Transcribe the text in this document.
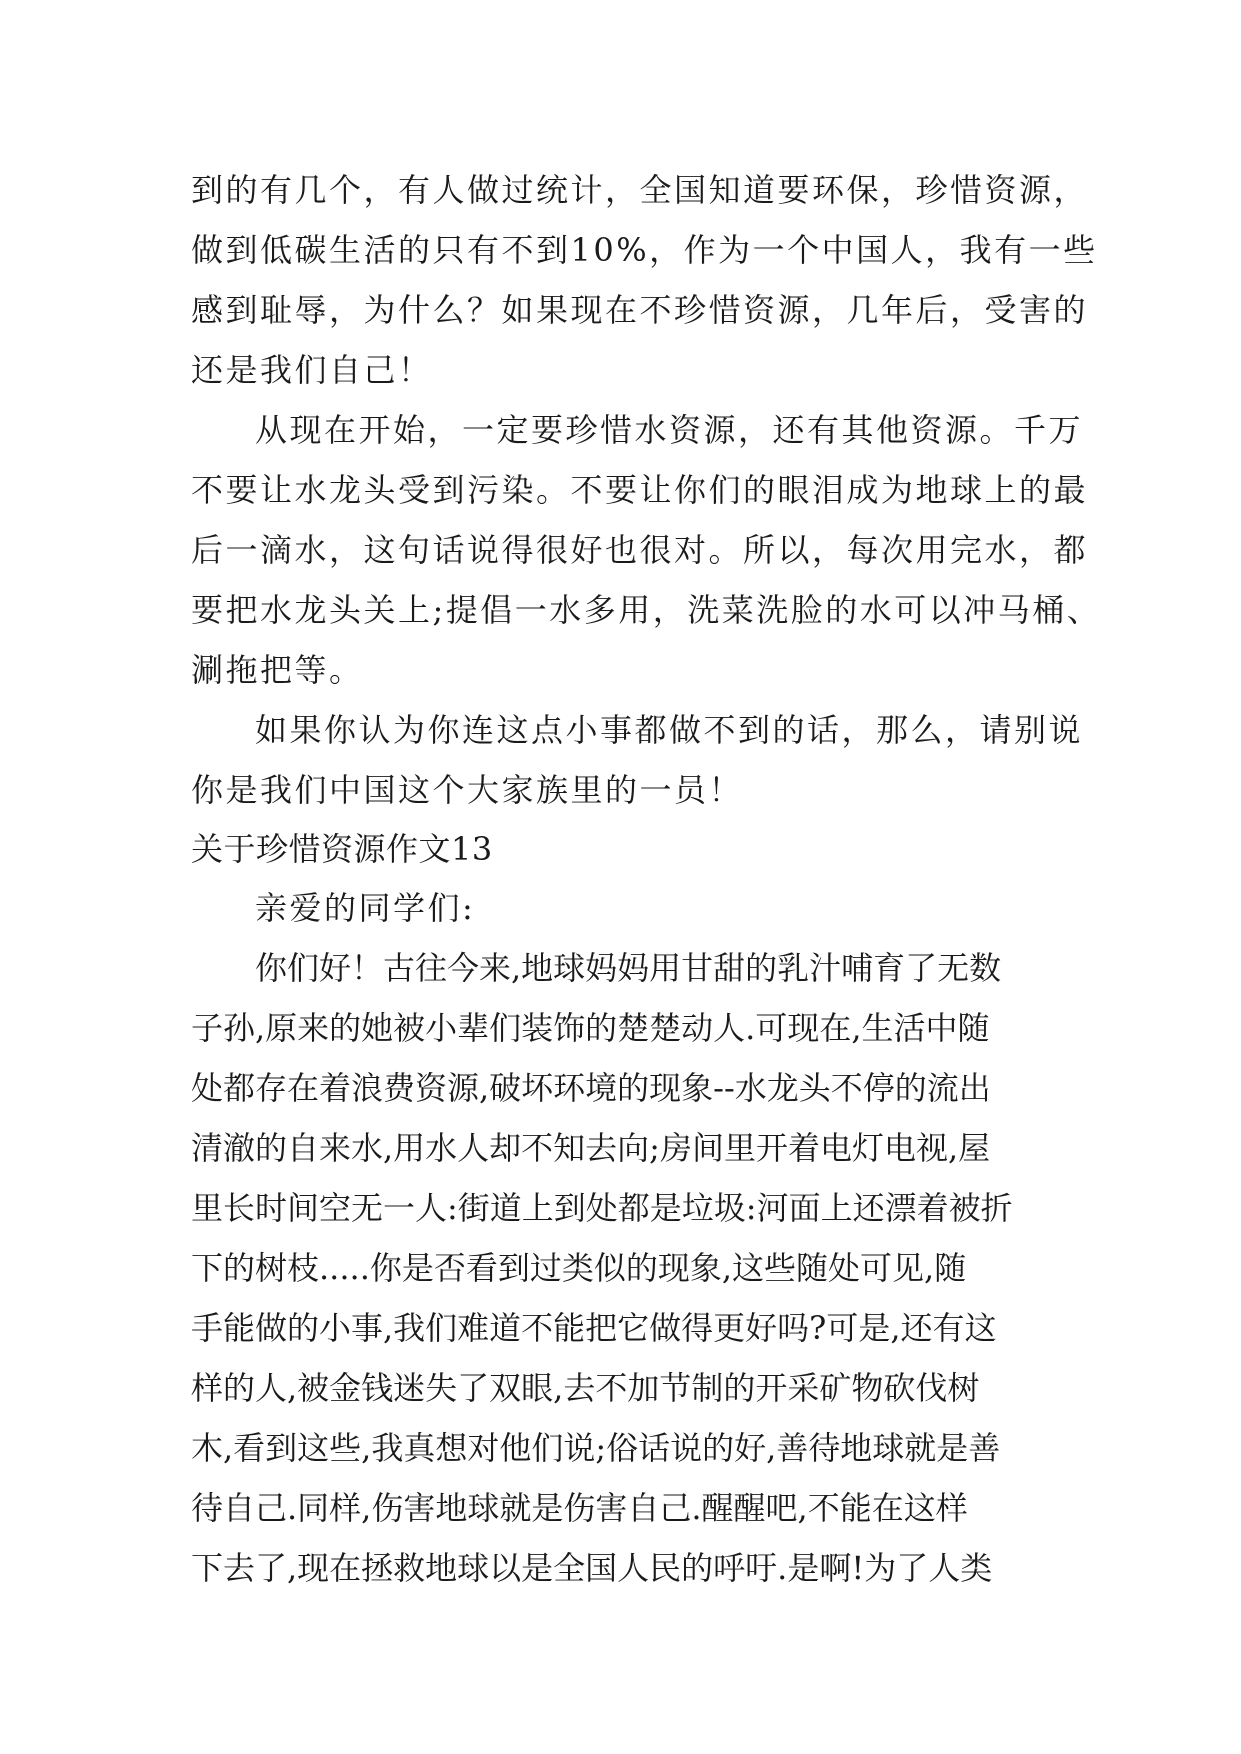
到的有几个，有人做过统计，全国知道要环保，珍惜资源，
做到低碳生活的只有不到10%，作为一个中国人，我有一些
感到耻辱，为什么？如果现在不珍惜资源，几年后，受害的
还是我们自己！
从现在开始，一定要珍惜水资源，还有其他资源。千万
不要让水龙头受到污染。不要让你们的眼泪成为地球上的最
后一滴水，这句话说得很好也很对。所以，每次用完水，都
要把水龙头关上;提倡一水多用，洗菜洗脸的水可以冲马桶、
涮拖把等。
如果你认为你连这点小事都做不到的话，那么，请别说
你是我们中国这个大家族里的一员！
关于珍惜资源作文13
亲爱的同学们:
你们好！古往今来,地球妈妈用甘甜的乳汁哺育了无数
子孙,原来的她被小辈们装饰的楚楚动人.可现在,生活中随
处都存在着浪费资源,破坏环境的现象--水龙头不停的流出
清澈的自来水,用水人却不知去向;房间里开着电灯电视,屋
里长时间空无一人:街道上到处都是垃圾:河面上还漂着被折
下的树枝.....你是否看到过类似的现象,这些随处可见,随
手能做的小事,我们难道不能把它做得更好吗?可是,还有这
样的人,被金钱迷失了双眼,去不加节制的开采矿物砍伐树
木,看到这些,我真想对他们说;俗话说的好,善待地球就是善
待自己.同样,伤害地球就是伤害自己.醒醒吧,不能在这样
下去了,现在拯救地球以是全国人民的呼吁.是啊!为了人类
